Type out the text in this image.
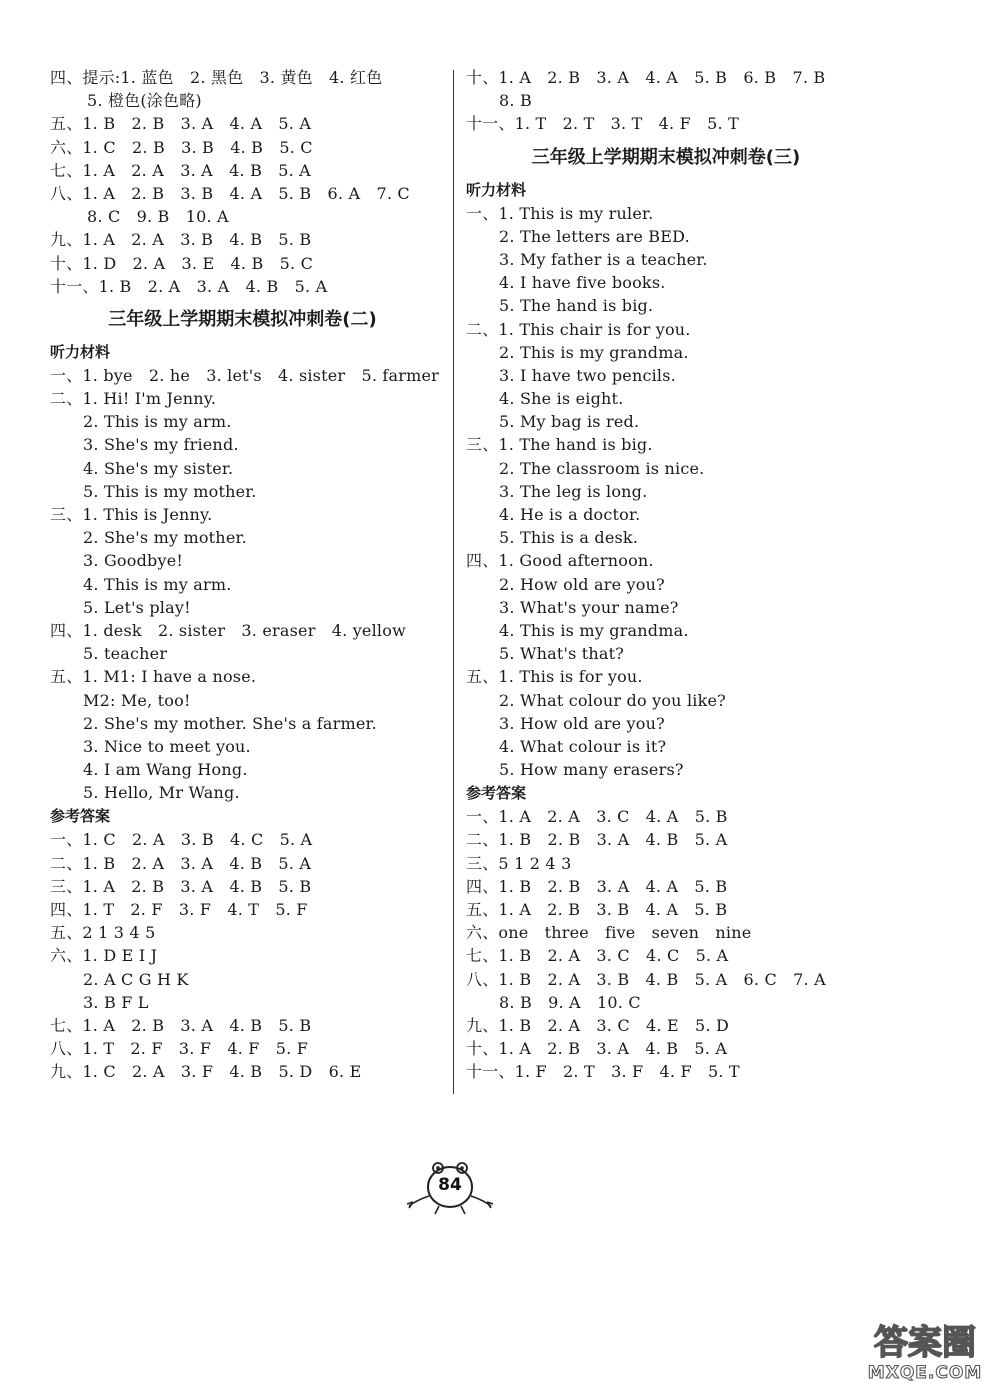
四、提示:1. 蓝色　2. 黑色　3. 黄色　4. 红色
5. 橙色(涂色略)
五、1. B　2. B　3. A　4. A　5. A
六、1. C　2. B　3. B　4. B　5. C
七、1. A　2. A　3. A　4. B　5. A
八、1. A　2. B　3. B　4. A　5. B　6. A　7. C
8. C　9. B　10. A
九、1. A　2. A　3. B　4. B　5. B
十、1. D　2. A　3. E　4. B　5. C
十一、1. B　2. A　3. A　4. B　5. A
三年级上学期期末模拟冲刺卷(二)
听力材料
一、1. bye　2. he　3. let's　4. sister　5. farmer
二、1. Hi! I'm Jenny.
2. This is my arm.
3. She's my friend.
4. She's my sister.
5. This is my mother.
三、1. This is Jenny.
2. She's my mother.
3. Goodbye!
4. This is my arm.
5. Let's play!
四、1. desk　2. sister　3. eraser　4. yellow
5. teacher
五、1. M1: I have a nose.
M2: Me, too!
2. She's my mother. She's a farmer.
3. Nice to meet you.
4. I am Wang Hong.
5. Hello, Mr Wang.
参考答案
一、1. C　2. A　3. B　4. C　5. A
二、1. B　2. A　3. A　4. B　5. A
三、1. A　2. B　3. A　4. B　5. B
四、1. T　2. F　3. F　4. T　5. F
五、2 1 3 4 5
六、1. D E I J
2. A C G H K
3. B F L
七、1. A　2. B　3. A　4. B　5. B
八、1. T　2. F　3. F　4. F　5. F
九、1. C　2. A　3. F　4. B　5. D　6. E
十、1. A　2. B　3. A　4. A　5. B　6. B　7. B
8. B
十一、1. T　2. T　3. T　4. F　5. T
三年级上学期期末模拟冲刺卷(三)
听力材料
一、1. This is my ruler.
2. The letters are BED.
3. My father is a teacher.
4. I have five books.
5. The hand is big.
二、1. This chair is for you.
2. This is my grandma.
3. I have two pencils.
4. She is eight.
5. My bag is red.
三、1. The hand is big.
2. The classroom is nice.
3. The leg is long.
4. He is a doctor.
5. This is a desk.
四、1. Good afternoon.
2. How old are you?
3. What's your name?
4. This is my grandma.
5. What's that?
五、1. This is for you.
2. What colour do you like?
3. How old are you?
4. What colour is it?
5. How many erasers?
参考答案
一、1. A　2. A　3. C　4. A　5. B
二、1. B　2. B　3. A　4. B　5. A
三、5 1 2 4 3
四、1. B　2. B　3. A　4. A　5. B
五、1. A　2. B　3. B　4. A　5. B
六、one　three　five　seven　nine
七、1. B　2. A　3. C　4. C　5. A
八、1. B　2. A　3. B　4. B　5. A　6. C　7. A
8. B　9. A　10. C
九、1. B　2. A　3. C　4. E　5. D
十、1. A　2. B　3. A　4. B　5. A
十一、1. F　2. T　3. F　4. F　5. T
84
答案圈
MXQE.COM
